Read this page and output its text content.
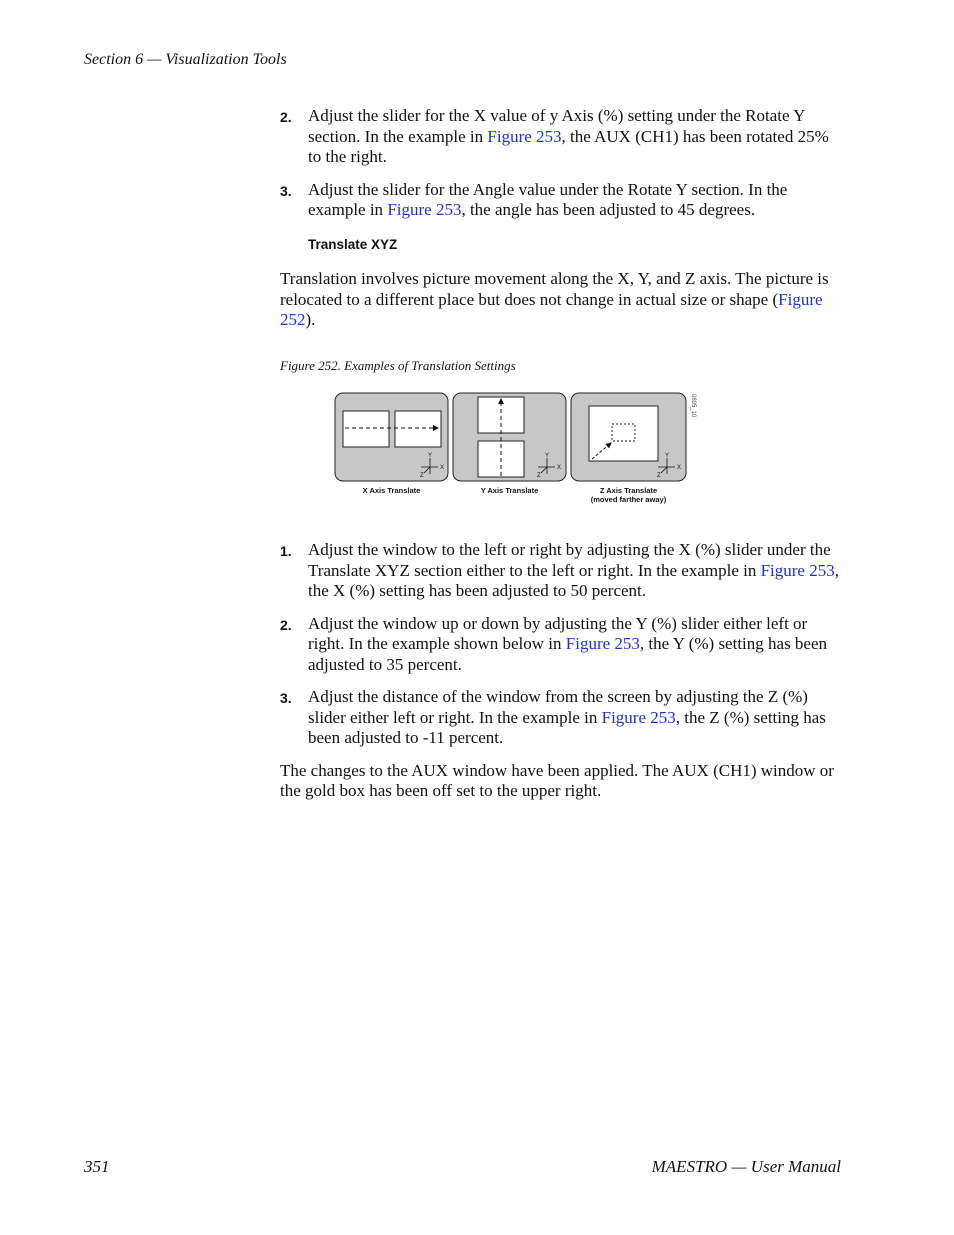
Section 6 — Visualization Tools
2. Adjust the slider for the X value of y Axis (%) setting under the Rotate Y section. In the example in Figure 253, the AUX (CH1) has been rotated 25% to the right.
3. Adjust the slider for the Angle value under the Rotate Y section. In the example in Figure 253, the angle has been adjusted to 45 degrees.
Translate XYZ

Translation involves picture movement along the X, Y, and Z axis. The picture is relocated to a different place but does not change in actual size or shape (Figure 252).

Figure 252. Examples of Translation Settings
Y
X
Z
Y
X
Z
Y
X
Z
0895_10
X Axis Translate	Y Axis Translate	Z Axis Translate
(moved farther away)
1. Adjust the window to the left or right by adjusting the X (%) slider under the Translate XYZ section either to the left or right. In the example in Figure 253, the X (%) setting has been adjusted to 50 percent.
2. Adjust the window up or down by adjusting the Y (%) slider either left or right. In the example shown below in Figure 253, the Y (%) setting has been adjusted to 35 percent.
3. Adjust the distance of the window from the screen by adjusting the Z (%) slider either left or right. In the example in Figure 253, the Z (%) setting has been adjusted to -11 percent.

The changes to the AUX window have been applied. The AUX (CH1) window or the gold box has been off set to the upper right.

351	MAESTRO — User Manual
